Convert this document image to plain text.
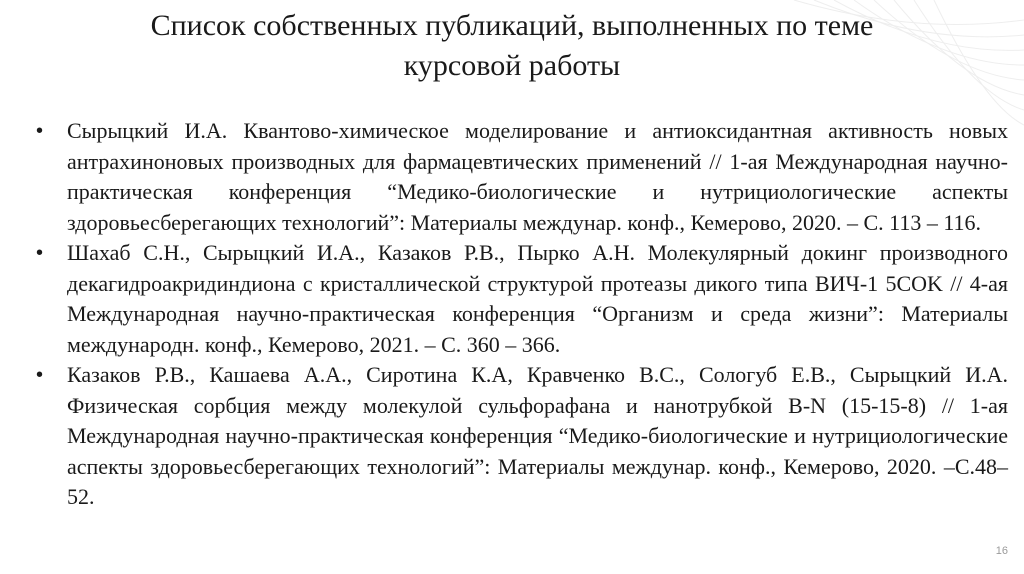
Список собственных публикаций, выполненных по теме
курсовой работы
•	Сырыцкий И.А. Квантово-химическое моделирование и антиоксидантная активность новых антрахиноновых производных для фармацевтических применений // 1-ая Международная научно-практическая конференция “Медико-биологические и нутрициологические аспекты здоровьесберегающих технологий”: Материалы междунар. конф., Кемерово, 2020. – С. 113 – 116.
•	Шахаб С.Н., Сырыцкий И.А., Казаков Р.В., Пырко А.Н. Молекулярный докинг производного декагидроакридиндиона с кристаллической структурой протеазы дикого типа ВИЧ-1 5COK // 4-ая Международная научно-практическая конференция “Организм и среда жизни”: Материалы международн. конф., Кемерово, 2021. – С. 360 – 366.
•	Казаков Р.В., Кашаева А.А., Сиротина К.А, Кравченко В.С., Сологуб Е.В., Сырыцкий И.А. Физическая сорбция между молекулой сульфорафана и нанотрубкой B-N (15-15-8) // 1-ая Международная научно-практическая конференция “Медико-биологические и нутрициологические аспекты здоровьесберегающих технологий”: Материалы междунар. конф., Кемерово, 2020. –С.48–52.
16
